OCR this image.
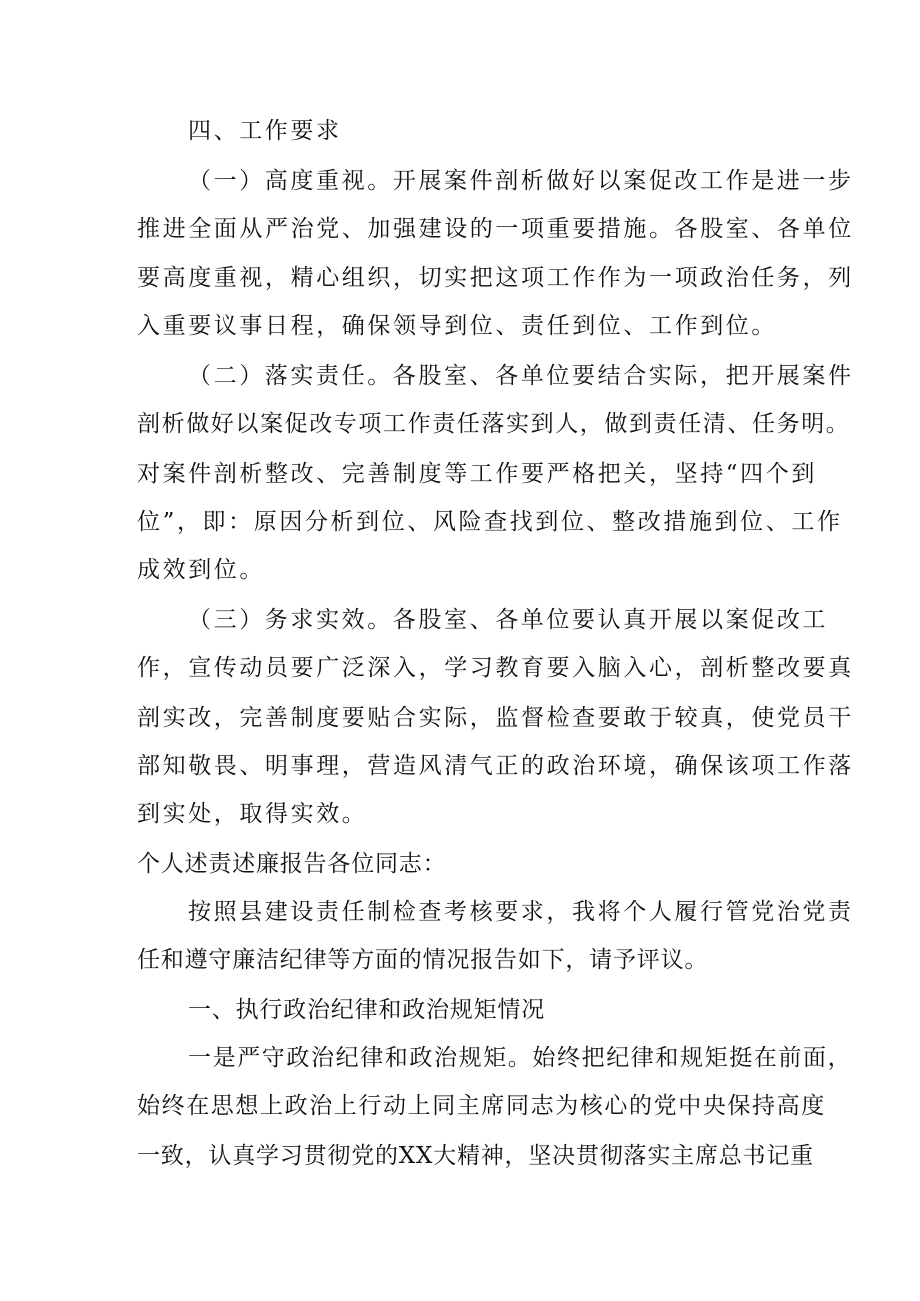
四、工作要求
（一）高度重视。开展案件剖析做好以案促改工作是进一步
推进全面从严治党、加强建设的一项重要措施。各股室、各单位
要高度重视，精心组织，切实把这项工作作为一项政治任务，列
入重要议事日程，确保领导到位、责任到位、工作到位。
（二）落实责任。各股室、各单位要结合实际，把开展案件
剖析做好以案促改专项工作责任落实到人，做到责任清、任务明。
对案件剖析整改、完善制度等工作要严格把关，坚持“四个到
位”，即：原因分析到位、风险查找到位、整改措施到位、工作
成效到位。
（三）务求实效。各股室、各单位要认真开展以案促改工
作，宣传动员要广泛深入，学习教育要入脑入心，剖析整改要真
剖实改，完善制度要贴合实际，监督检查要敢于较真，使党员干
部知敬畏、明事理，营造风清气正的政治环境，确保该项工作落
到实处，取得实效。
个人述责述廉报告各位同志：
按照县建设责任制检查考核要求，我将个人履行管党治党责
任和遵守廉洁纪律等方面的情况报告如下，请予评议。
一、执行政治纪律和政治规矩情况
一是严守政治纪律和政治规矩。始终把纪律和规矩挺在前面，
始终在思想上政治上行动上同主席同志为核心的党中央保持高度
一致，认真学习贯彻党的XX大精神，坚决贯彻落实主席总书记重
